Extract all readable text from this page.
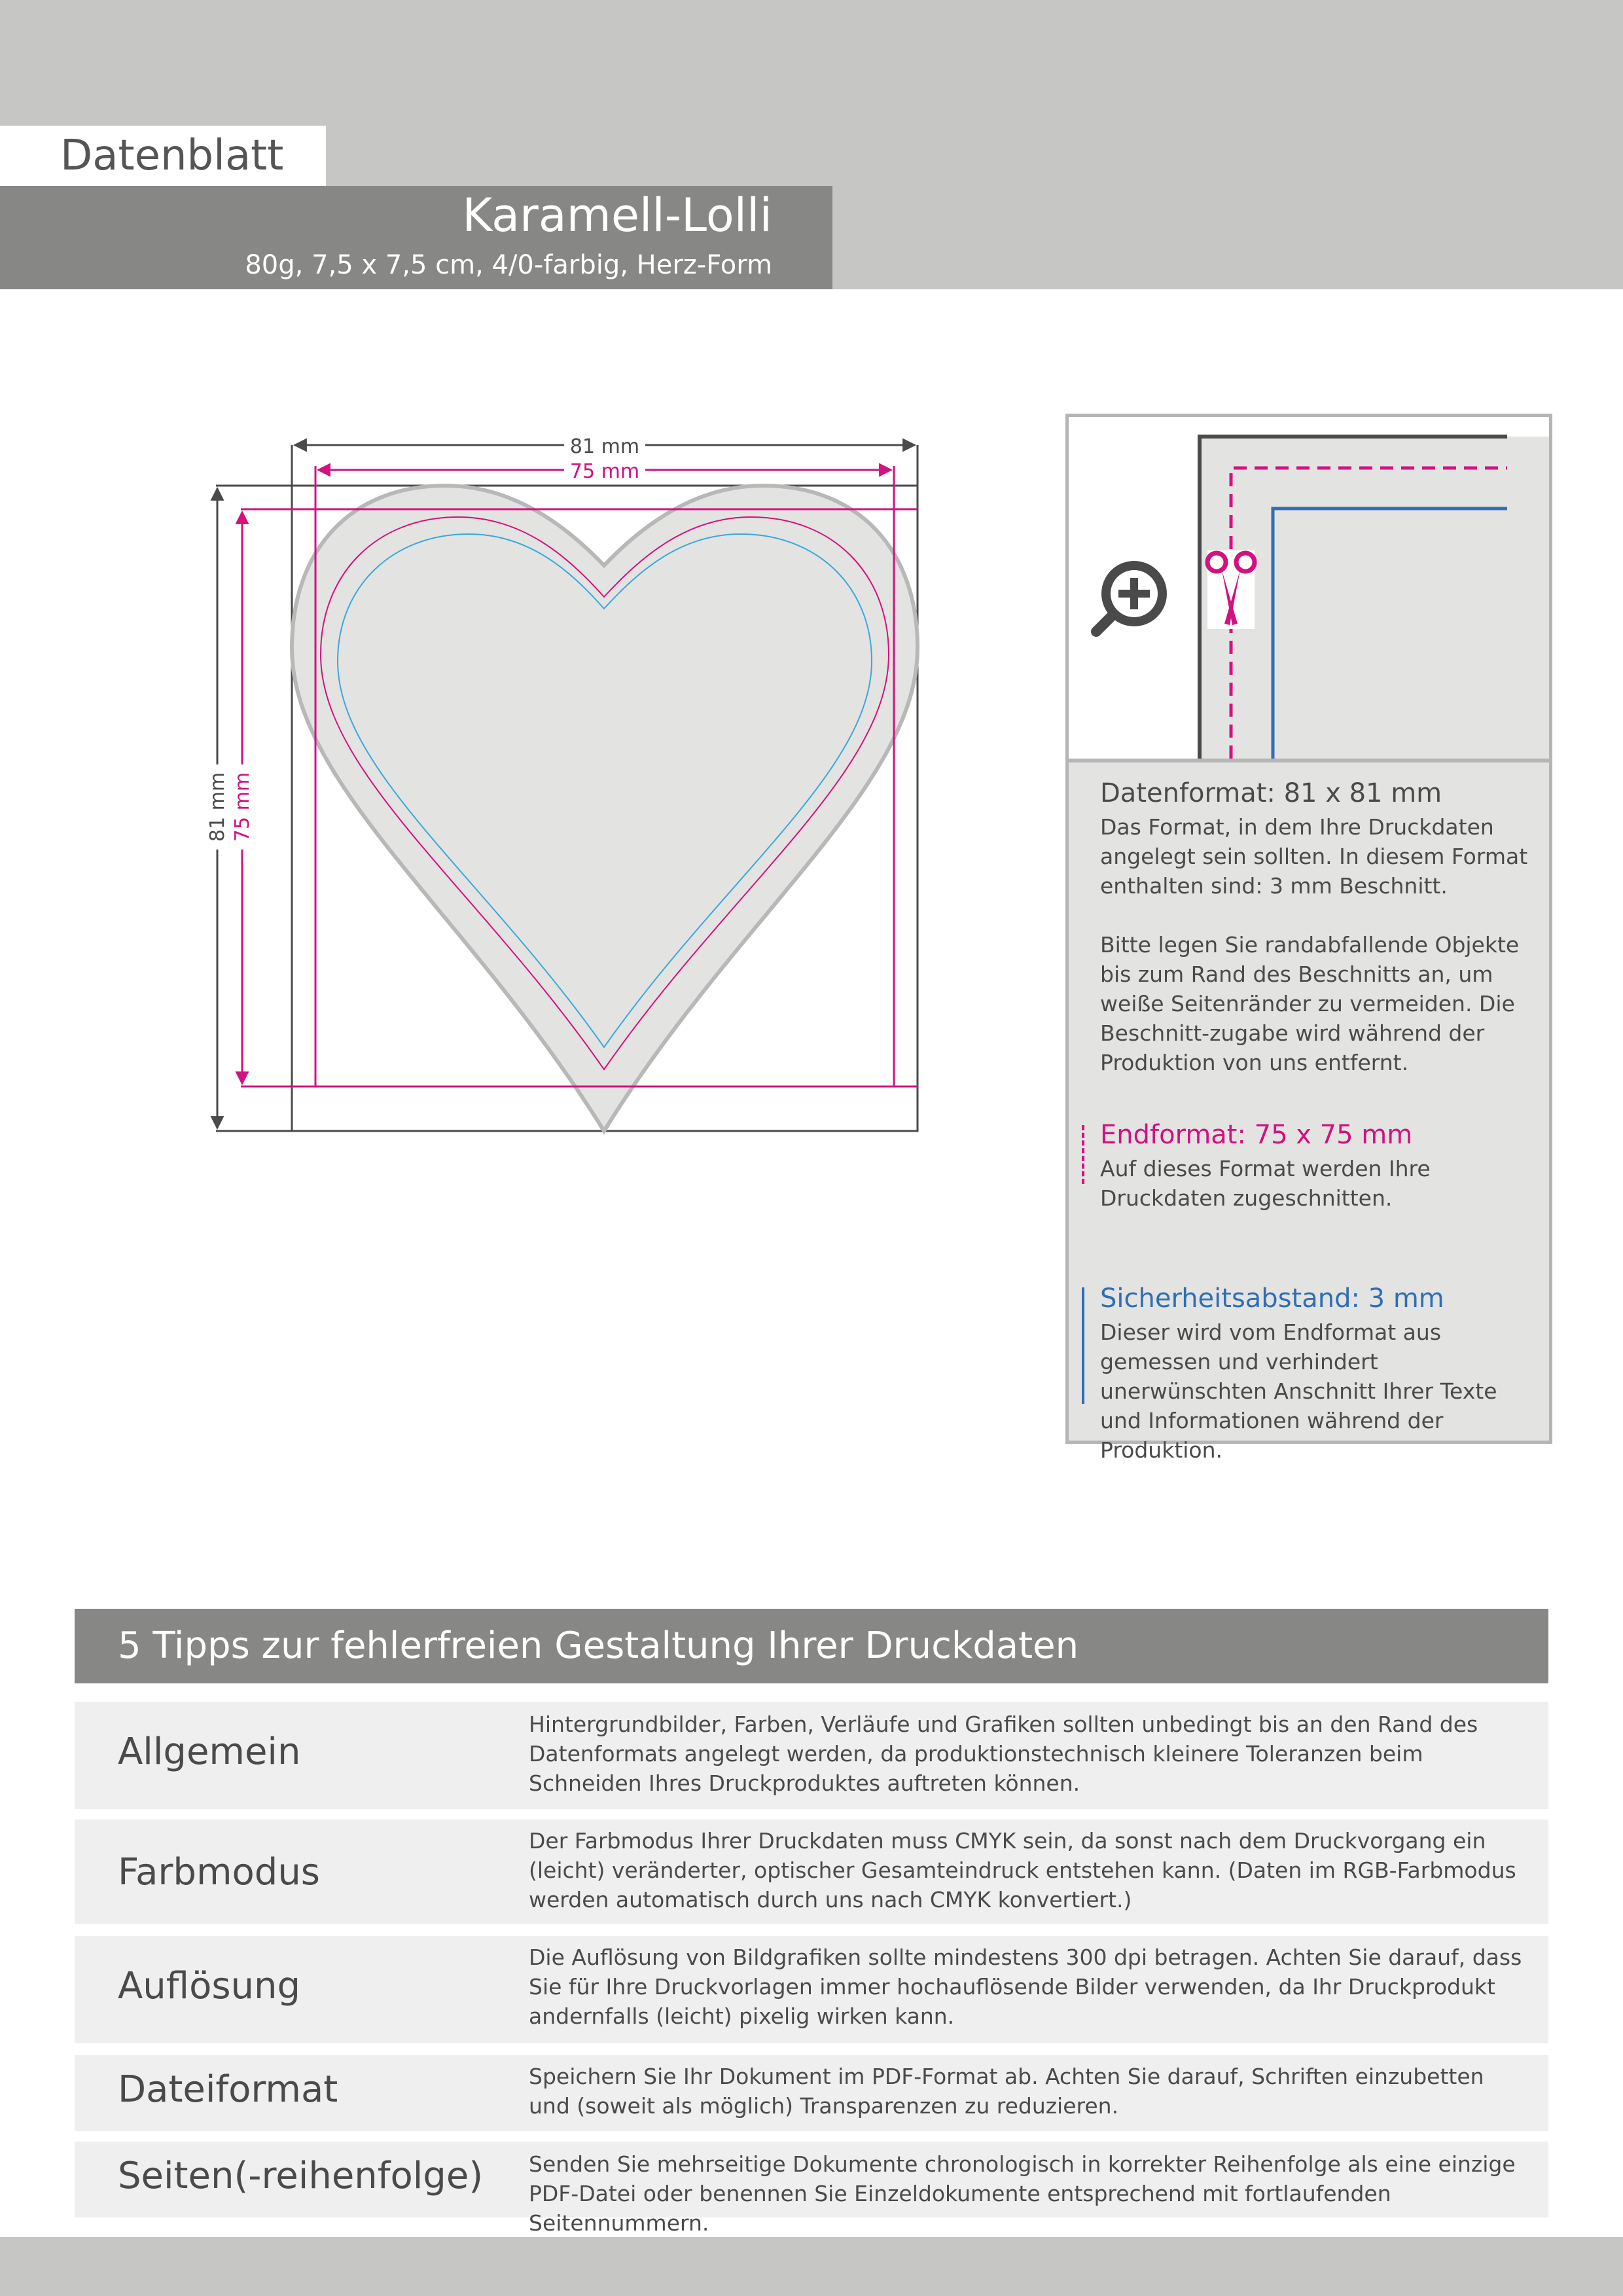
Datenblatt
Karamell-Lolli
80g, 7,5 x 7,5 cm, 4/0-farbig, Herz-Form
81 mm
75 mm
81 mm 75 mm	Datenformat: 81 x 81 mm
Das Format, in dem Ihre Druckdaten angelegt sein sollten. In diesem Format enthalten sind: 3 mm Beschnitt.
Bitte legen Sie randabfallende Objekte bis zum Rand des Beschnitts an, um weiße Seitenränder zu vermeiden. Die Beschnitt-zugabe wird während der Produktion von uns entfernt.
Endformat: 75 x 75 mm
Auf dieses Format werden Ihre Druckdaten zugeschnitten.
Sicherheitsabstand: 3 mm
Dieser wird vom Endformat aus gemessen und verhindert unerwünschten Anschnitt Ihrer Texte und Informationen während der Produktion.
5 Tipps zur fehlerfreien Gestaltung Ihrer Druckdaten
Allgemein
Hintergrundbilder, Farben, Verläufe und Grafiken sollten unbedingt bis an den Rand des Datenformats angelegt werden, da produktionstechnisch kleinere Toleranzen beim Schneiden Ihres Druckproduktes auftreten können.
Farbmodus
Der Farbmodus Ihrer Druckdaten muss CMYK sein, da sonst nach dem Druckvorgang ein (leicht) veränderter, optischer Gesamteindruck entstehen kann. (Daten im RGB-Farbmodus werden automatisch durch uns nach CMYK konvertiert.)
Auflösung
Die Auflösung von Bildgrafiken sollte mindestens 300 dpi betragen. Achten Sie darauf, dass Sie für Ihre Druckvorlagen immer hochauflösende Bilder verwenden, da Ihr Druckprodukt andernfalls (leicht) pixelig wirken kann.
Dateiformat	Speichern Sie Ihr Dokument im PDF-Format ab. Achten Sie darauf, Schriften einzubetten und (soweit als möglich) Transparenzen zu reduzieren.
Seiten(-reihenfolge) Senden Sie mehrseitige Dokumente chronologisch in korrekter Reihenfolge als eine einzige PDF-Datei oder benennen Sie Einzeldokumente entsprechend mit fortlaufenden Seitennummern.
